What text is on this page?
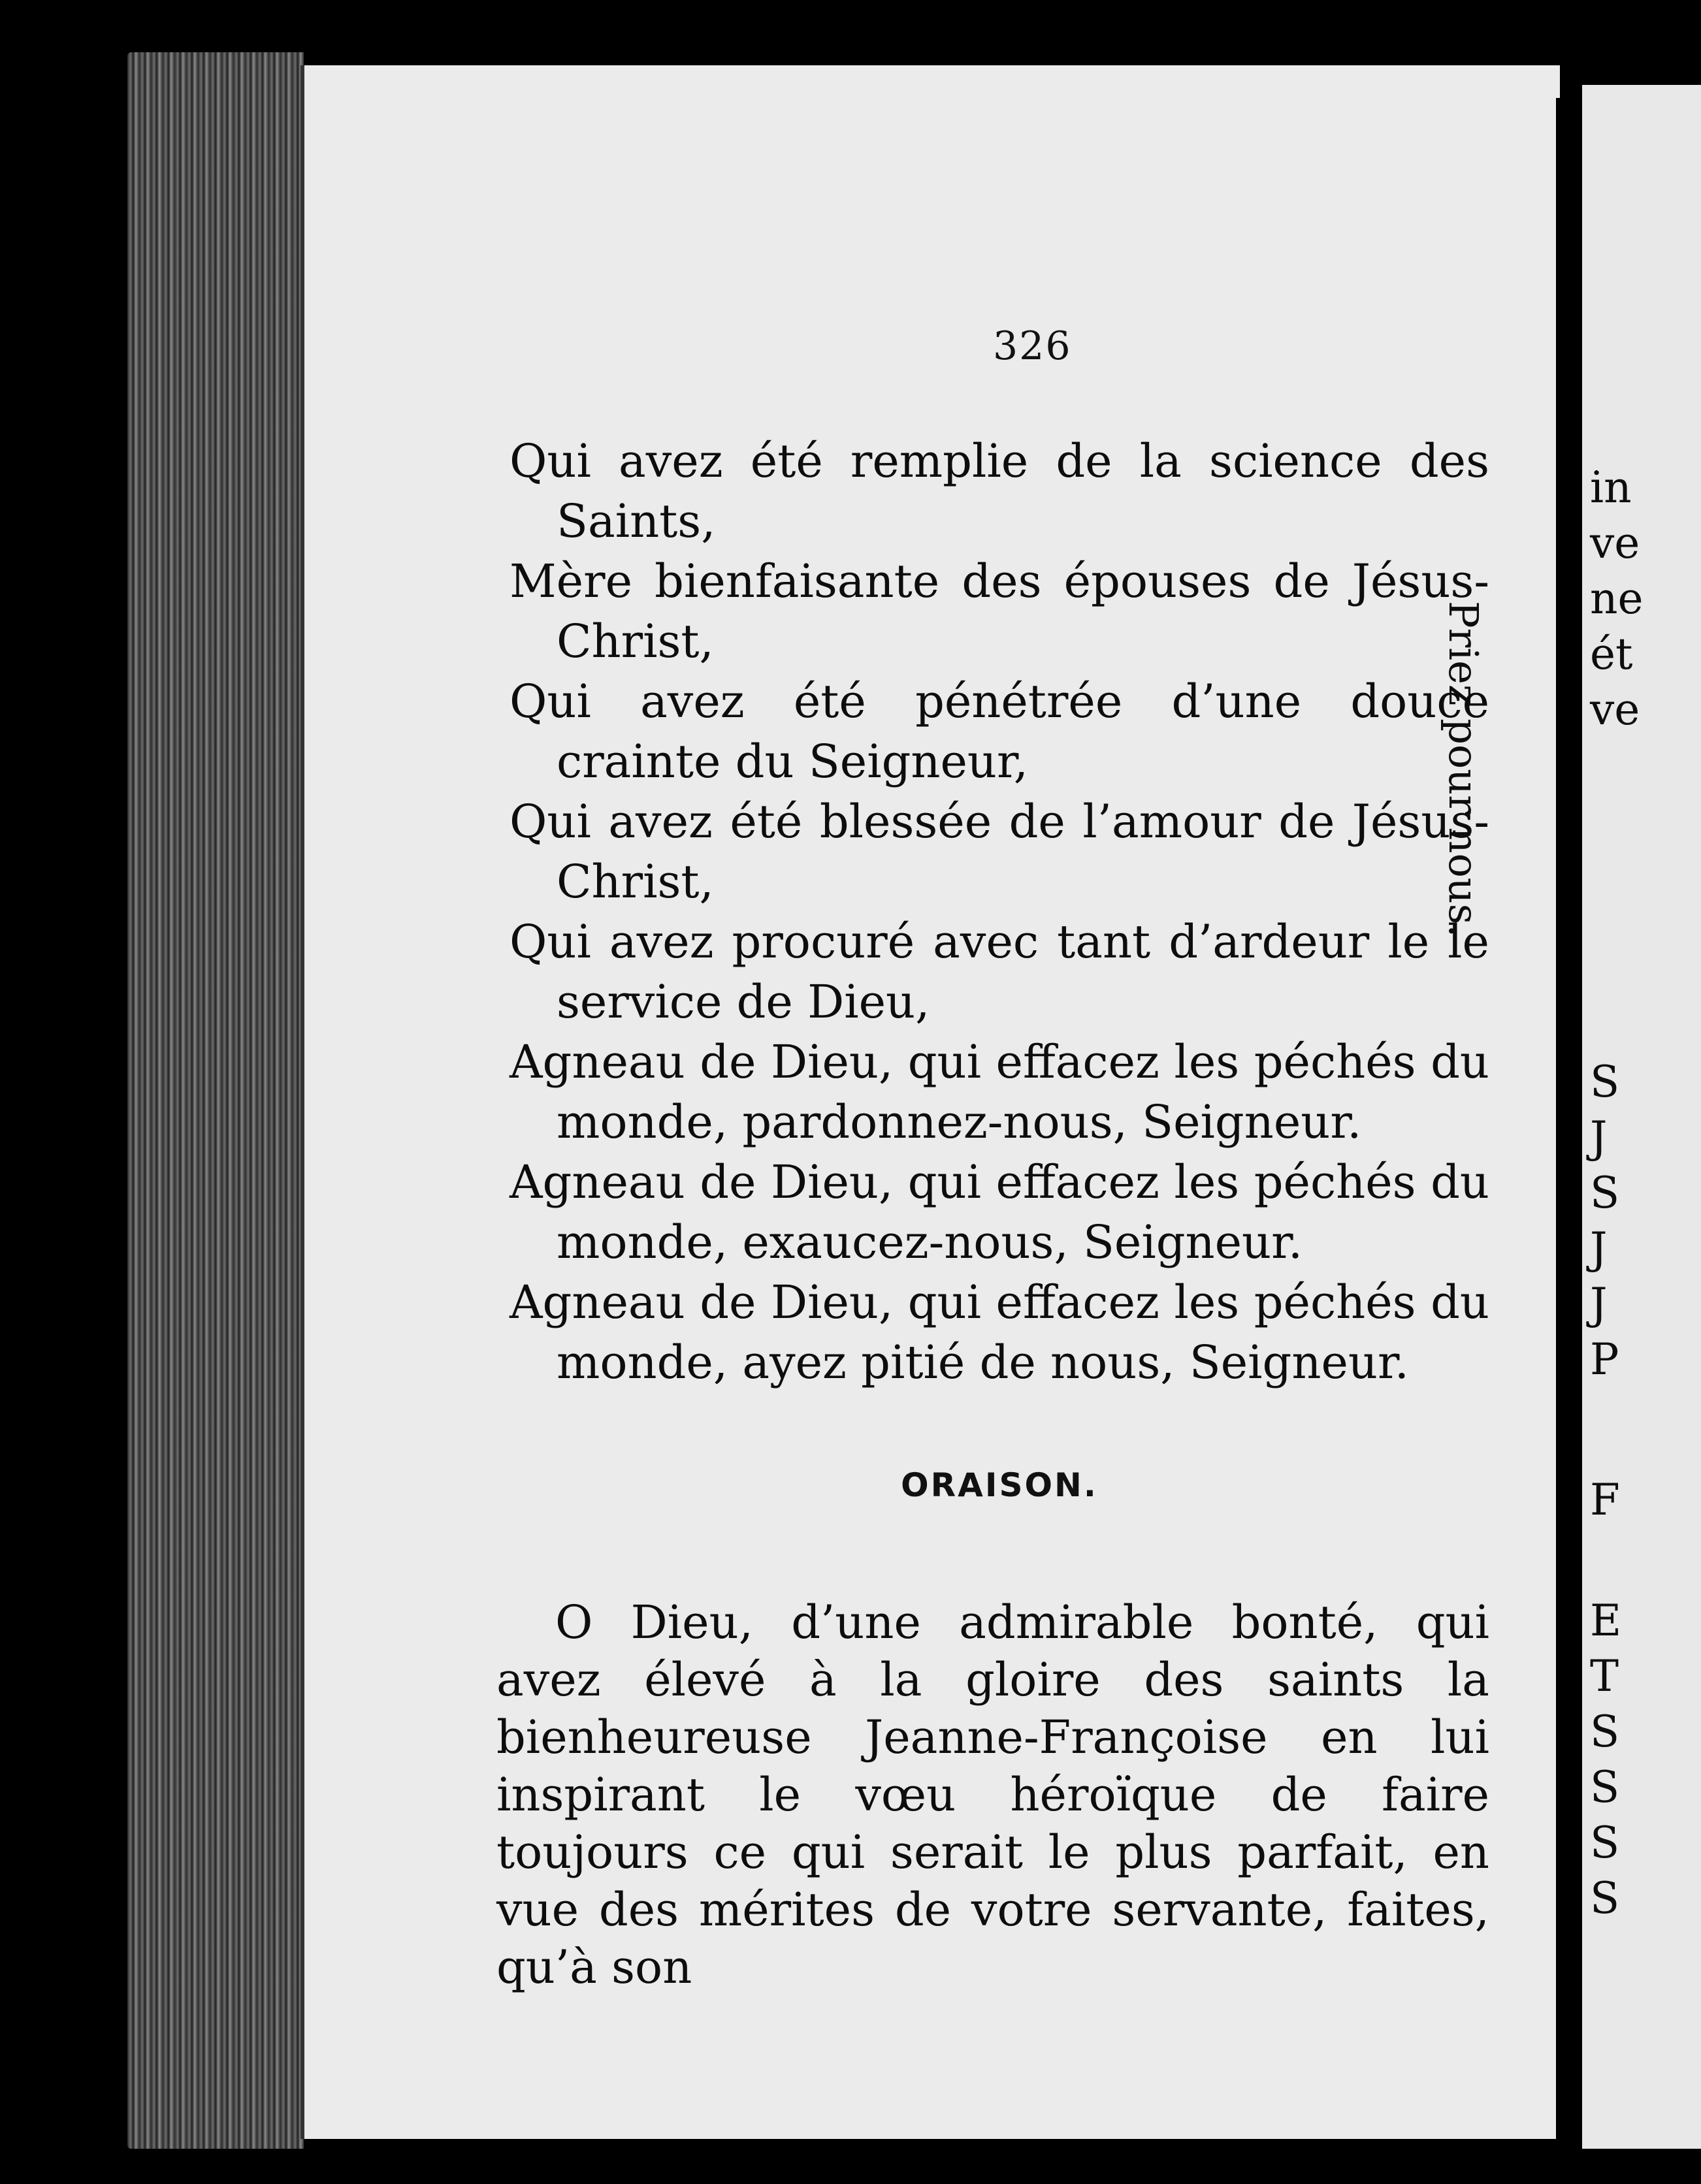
326
Qui avez été remplie de la science des Saints,
Mère bienfaisante des épouses de Jésus-Christ,
Qui avez été pénétrée d’une douce crainte du Seigneur,
Qui avez été blessée de l’amour de Jésus-Christ,
Qui avez procuré avec tant d’ardeur le le service de Dieu,
Agneau de Dieu, qui effacez les péchés du monde, pardonnez-nous, Seigneur.
Agneau de Dieu, qui effacez les péchés du monde, exaucez-nous, Seigneur.
Agneau de Dieu, qui effacez les péchés du monde, ayez pitié de nous, Seigneur.
Priez pour nous.
ORAISON.

O Dieu, d’une admirable bonté, qui avez élevé à la gloire des saints la bienheureuse Jeanne-Françoise en lui inspirant le vœu héroïque de faire toujours ce qui serait le plus parfait, en vue des mérites de votre servante, faites, qu’à son

in

ve

ne

ét

ve

S

J

S

J

J

P

F

E

T

S

S

S

S
